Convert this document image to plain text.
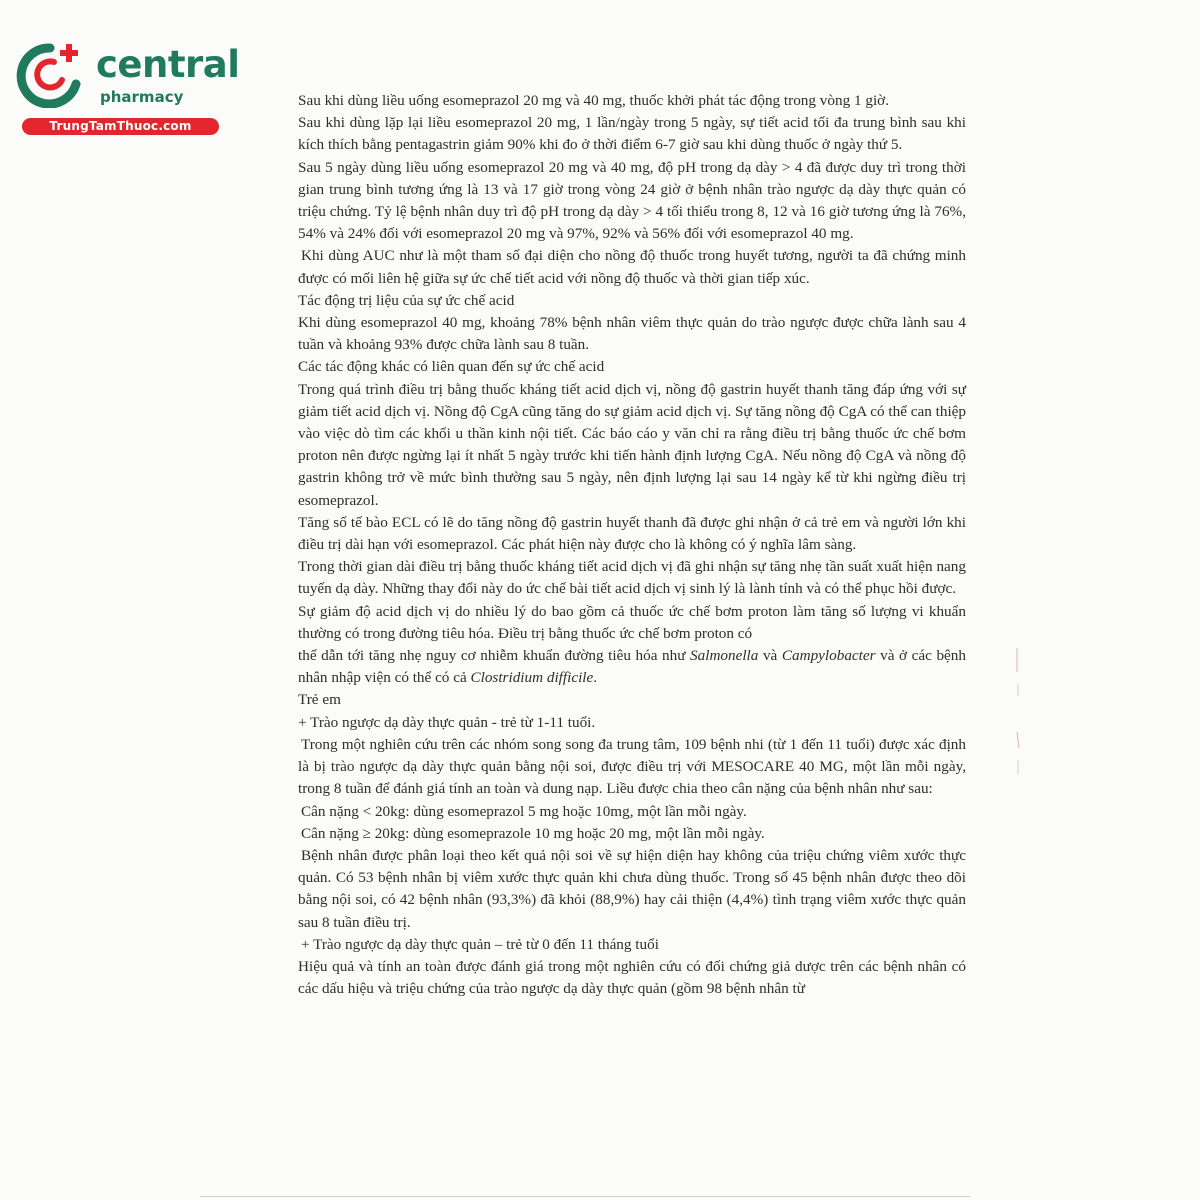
central
pharmacy
TrungTamThuoc.com

Sau khi dùng liều uống esomeprazol 20 mg và 40 mg, thuốc khởi phát tác động trong vòng 1 giờ.

Sau khi dùng lặp lại liều esomeprazol 20 mg, 1 lần/ngày trong 5 ngày, sự tiết acid tối đa trung bình sau khi kích thích bằng pentagastrin giảm 90% khi đo ở thời điểm 6-7 giờ sau khi dùng thuốc ở ngày thứ 5.

Sau 5 ngày dùng liều uống esomeprazol 20 mg và 40 mg, độ pH trong dạ dày > 4 đã được duy trì trong thời gian trung bình tương ứng là 13 và 17 giờ trong vòng 24 giờ ở bệnh nhân trào ngược dạ dày thực quản có triệu chứng. Tỷ lệ bệnh nhân duy trì độ pH trong dạ dày > 4 tối thiểu trong 8, 12 và 16 giờ tương ứng là 76%, 54% và 24% đối với esomeprazol 20 mg và 97%, 92% và 56% đối với esomeprazol 40 mg.

Khi dùng AUC như là một tham số đại diện cho nồng độ thuốc trong huyết tương, người ta đã chứng minh được có mối liên hệ giữa sự ức chế tiết acid với nồng độ thuốc và thời gian tiếp xúc.

Tác động trị liệu của sự ức chế acid

Khi dùng esomeprazol 40 mg, khoảng 78% bệnh nhân viêm thực quản do trào ngược được chữa lành sau 4 tuần và khoảng 93% được chữa lành sau 8 tuần.

Các tác động khác có liên quan đến sự ức chế acid

Trong quá trình điều trị bằng thuốc kháng tiết acid dịch vị, nồng độ gastrin huyết thanh tăng đáp ứng với sự giảm tiết acid dịch vị. Nồng độ CgA cũng tăng do sự giảm acid dịch vị. Sự tăng nồng độ CgA có thể can thiệp vào việc dò tìm các khối u thần kinh nội tiết. Các báo cáo y văn chỉ ra rằng điều trị bằng thuốc ức chế bơm proton nên được ngừng lại ít nhất 5 ngày trước khi tiến hành định lượng CgA. Nếu nồng độ CgA và nồng độ gastrin không trở về mức bình thường sau 5 ngày, nên định lượng lại sau 14 ngày kể từ khi ngừng điều trị esomeprazol.

Tăng số tế bào ECL có lẽ do tăng nồng độ gastrin huyết thanh đã được ghi nhận ở cả trẻ em và người lớn khi điều trị dài hạn với esomeprazol. Các phát hiện này được cho là không có ý nghĩa lâm sàng.

Trong thời gian dài điều trị bằng thuốc kháng tiết acid dịch vị đã ghi nhận sự tăng nhẹ tần suất xuất hiện nang tuyến dạ dày. Những thay đổi này do ức chế bài tiết acid dịch vị sinh lý là lành tính và có thể phục hồi được.

Sự giảm độ acid dịch vị do nhiều lý do bao gồm cả thuốc ức chế bơm proton làm tăng số lượng vi khuẩn thường có trong đường tiêu hóa. Điều trị bằng thuốc ức chế bơm proton có

thể dẫn tới tăng nhẹ nguy cơ nhiễm khuẩn đường tiêu hóa như Salmonella và Campylobacter và ở các bệnh nhân nhập viện có thể có cả Clostridium difficile.

Trẻ em

+ Trào ngược dạ dày thực quản - trẻ từ 1-11 tuổi.

Trong một nghiên cứu trên các nhóm song song đa trung tâm, 109 bệnh nhi (từ 1 đến 11 tuổi) được xác định là bị trào ngược dạ dày thực quản bằng nội soi, được điều trị với MESOCARE 40 MG, một lần mỗi ngày, trong 8 tuần để đánh giá tính an toàn và dung nạp. Liều được chia theo cân nặng của bệnh nhân như sau:

Cân nặng < 20kg: dùng esomeprazol 5 mg hoặc 10mg, một lần mỗi ngày.

Cân nặng ≥ 20kg: dùng esomeprazole 10 mg hoặc 20 mg, một lần mỗi ngày.

Bệnh nhân được phân loại theo kết quả nội soi về sự hiện diện hay không của triệu chứng viêm xước thực quản. Có 53 bệnh nhân bị viêm xước thực quản khi chưa dùng thuốc. Trong số 45 bệnh nhân được theo dõi bằng nội soi, có 42 bệnh nhân (93,3%) đã khỏi (88,9%) hay cải thiện (4,4%) tình trạng viêm xước thực quản sau 8 tuần điều trị.

+ Trào ngược dạ dày thực quản – trẻ từ 0 đến 11 tháng tuổi

Hiệu quả và tính an toàn được đánh giá trong một nghiên cứu có đối chứng giả dược trên các bệnh nhân có các dấu hiệu và triệu chứng của trào ngược dạ dày thực quản (gồm 98 bệnh nhân từ
